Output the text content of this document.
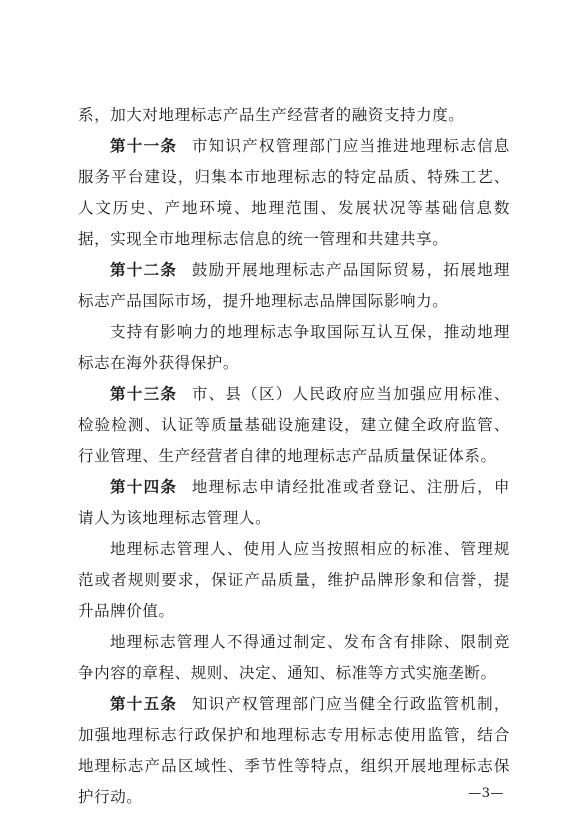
系，加大对地理标志产品生产经营者的融资支持力度。

第十一条 市知识产权管理部门应当推进地理标志信息服务平台建设，归集本市地理标志的特定品质、特殊工艺、人文历史、产地环境、地理范围、发展状况等基础信息数据，实现全市地理标志信息的统一管理和共建共享。

第十二条 鼓励开展地理标志产品国际贸易，拓展地理标志产品国际市场，提升地理标志品牌国际影响力。

支持有影响力的地理标志争取国际互认互保，推动地理标志在海外获得保护。

第十三条 市、县（区）人民政府应当加强应用标准、检验检测、认证等质量基础设施建设，建立健全政府监管、行业管理、生产经营者自律的地理标志产品质量保证体系。

第十四条 地理标志申请经批准或者登记、注册后，申请人为该地理标志管理人。

地理标志管理人、使用人应当按照相应的标准、管理规范或者规则要求，保证产品质量，维护品牌形象和信誉，提升品牌价值。

地理标志管理人不得通过制定、发布含有排除、限制竞争内容的章程、规则、决定、通知、标准等方式实施垄断。

第十五条 知识产权管理部门应当健全行政监管机制，加强地理标志行政保护和地理标志专用标志使用监管，结合地理标志产品区域性、季节性等特点，组织开展地理标志保护行动。	—3—
